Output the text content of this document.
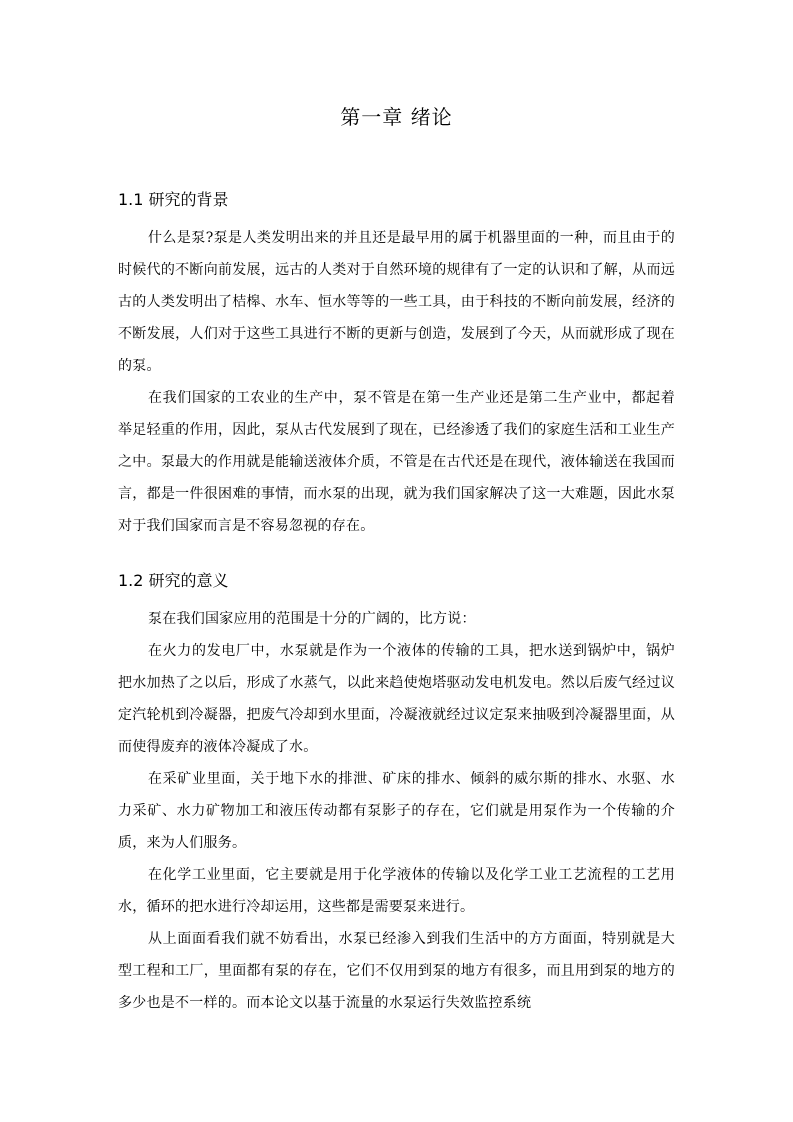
第一章 绪论
1.1 研究的背景

什么是泵?泵是人类发明出来的并且还是最早用的属于机器里面的一种，而且由于的时候代的不断向前发展，远古的人类对于自然环境的规律有了一定的认识和了解，从而远古的人类发明出了桔槔、水车、恒水等等的一些工具，由于科技的不断向前发展，经济的不断发展，人们对于这些工具进行不断的更新与创造，发展到了今天，从而就形成了现在的泵。

在我们国家的工农业的生产中，泵不管是在第一生产业还是第二生产业中，都起着举足轻重的作用，因此，泵从古代发展到了现在，已经渗透了我们的家庭生活和工业生产之中。泵最大的作用就是能输送液体介质，不管是在古代还是在现代，液体输送在我国而言，都是一件很困难的事情，而水泵的出现，就为我们国家解决了这一大难题，因此水泵对于我们国家而言是不容易忽视的存在。

1.2 研究的意义

泵在我们国家应用的范围是十分的广阔的，比方说：

在火力的发电厂中，水泵就是作为一个液体的传输的工具，把水送到锅炉中，锅炉把水加热了之以后，形成了水蒸气，以此来趋使炮塔驱动发电机发电。然以后废气经过议定汽轮机到冷凝器，把废气冷却到水里面，冷凝液就经过议定泵来抽吸到冷凝器里面，从而使得废弃的液体冷凝成了水。

在采矿业里面，关于地下水的排泄、矿床的排水、倾斜的威尔斯的排水、水驱、水力采矿、水力矿物加工和液压传动都有泵影子的存在，它们就是用泵作为一个传输的介质，来为人们服务。

在化学工业里面，它主要就是用于化学液体的传输以及化学工业工艺流程的工艺用水，循环的把水进行冷却运用，这些都是需要泵来进行。

从上面面看我们就不妨看出，水泵已经渗入到我们生活中的方方面面，特别就是大型工程和工厂，里面都有泵的存在，它们不仅用到泵的地方有很多，而且用到泵的地方的多少也是不一样的。而本论文以基于流量的水泵运行失效监控系统
